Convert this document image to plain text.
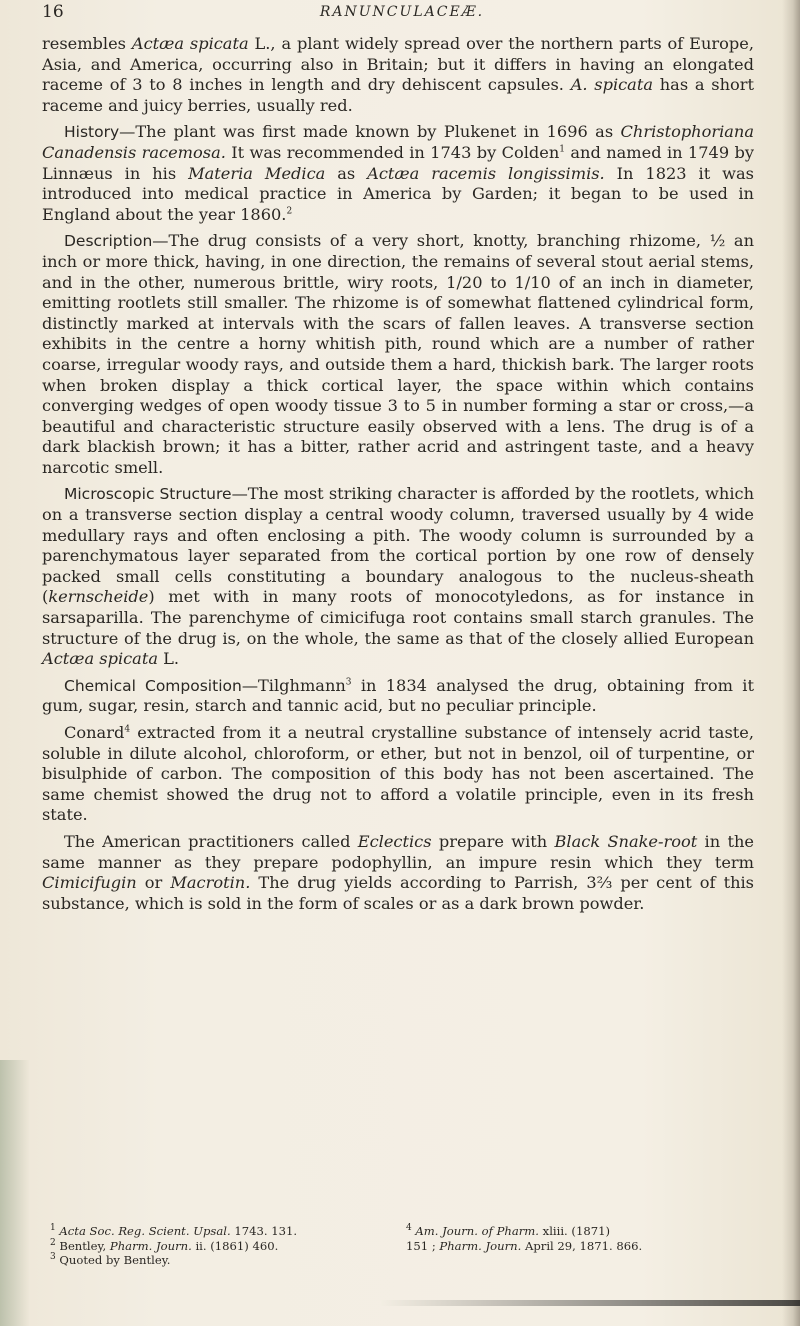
16	RANUNCULACEÆ.

resembles Actæa spicata L., a plant widely spread over the northern parts of Europe, Asia, and America, occurring also in Britain; but it differs in having an elongated raceme of 3 to 8 inches in length and dry dehiscent capsules. A. spicata has a short raceme and juicy berries, usually red.

History—The plant was first made known by Plukenet in 1696 as Christophoriana Canadensis racemosa. It was recommended in 1743 by Colden$^1$ and named in 1749 by Linnæus in his Materia Medica as Actæa racemis longissimis. In 1823 it was introduced into medical practice in America by Garden; it began to be used in England about the year 1860.$^2$

Description—The drug consists of a very short, knotty, branching rhizome, ½ an inch or more thick, having, in one direction, the remains of several stout aerial stems, and in the other, numerous brittle, wiry roots, 1/20 to 1/10 of an inch in diameter, emitting rootlets still smaller. The rhizome is of somewhat flattened cylindrical form, distinctly marked at intervals with the scars of fallen leaves. A transverse section exhibits in the centre a horny whitish pith, round which are a number of rather coarse, irregular woody rays, and outside them a hard, thickish bark. The larger roots when broken display a thick cortical layer, the space within which contains converging wedges of open woody tissue 3 to 5 in number forming a star or cross,—a beautiful and characteristic structure easily observed with a lens. The drug is of a dark blackish brown; it has a bitter, rather acrid and astringent taste, and a heavy narcotic smell.

Microscopic Structure—The most striking character is afforded by the rootlets, which on a transverse section display a central woody column, traversed usually by 4 wide medullary rays and often enclosing a pith. The woody column is surrounded by a parenchymatous layer separated from the cortical portion by one row of densely packed small cells constituting a boundary analogous to the nucleus-sheath (kernscheide) met with in many roots of monocotyledons, as for instance in sarsaparilla. The parenchyme of cimicifuga root contains small starch granules. The structure of the drug is, on the whole, the same as that of the closely allied European Actæa spicata L.

Chemical Composition—Tilghmann$^3$ in 1834 analysed the drug, obtaining from it gum, sugar, resin, starch and tannic acid, but no peculiar principle.

Conard$^4$ extracted from it a neutral crystalline substance of intensely acrid taste, soluble in dilute alcohol, chloroform, or ether, but not in benzol, oil of turpentine, or bisulphide of carbon. The composition of this body has not been ascertained. The same chemist showed the drug not to afford a volatile principle, even in its fresh state.

The American practitioners called Eclectics prepare with Black Snake-root in the same manner as they prepare podophyllin, an impure resin which they term Cimicifugin or Macrotin. The drug yields according to Parrish, 3⅔ per cent of this substance, which is sold in the form of scales or as a dark brown powder.

$^1$ Acta Soc. Reg. Scient. Upsal. 1743. 131.
$^2$ Bentley, Pharm. Journ. ii. (1861) 460.
$^3$ Quoted by Bentley.
$^4$ Am. Journ. of Pharm. xliii. (1871)
151 ; Pharm. Journ. April 29, 1871. 866.
